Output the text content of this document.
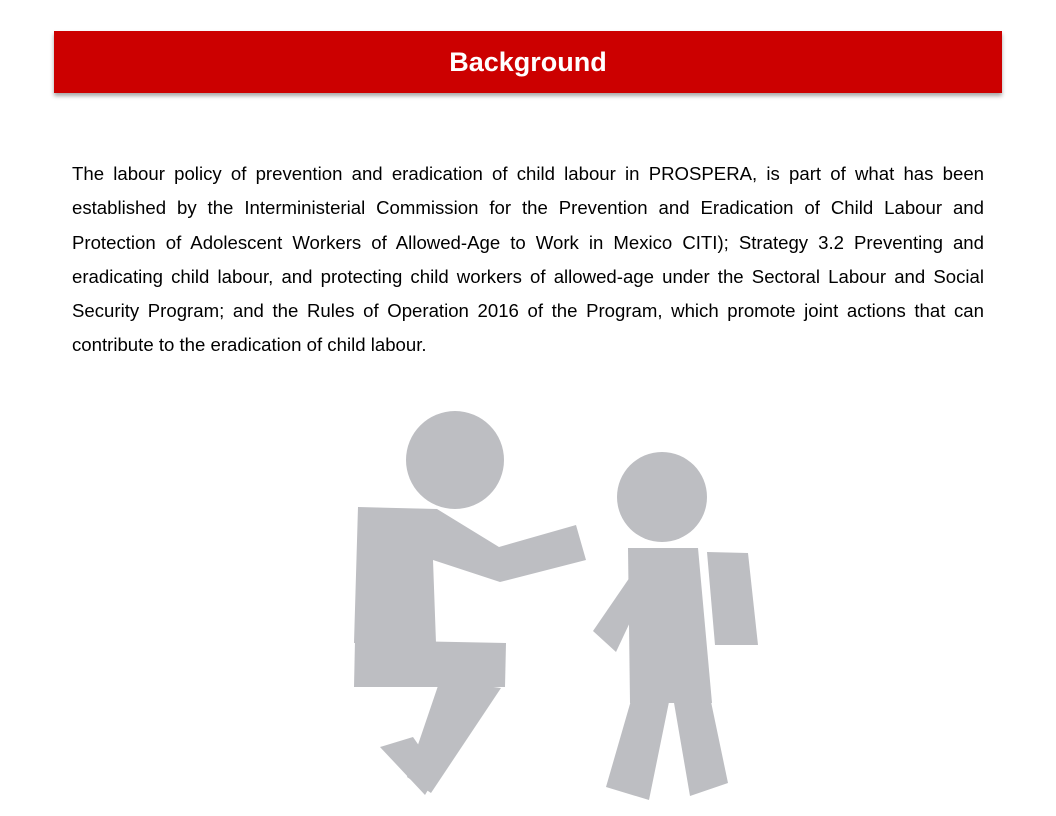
Background

The labour policy of prevention and eradication of child labour in PROSPERA, is part of what has been established by the Interministerial Commission for the Prevention and Eradication of Child Labour and Protection of Adolescent Workers of Allowed-Age to Work in Mexico CITI); Strategy 3.2 Preventing and eradicating child labour, and protecting child workers of allowed-age under the Sectoral Labour and Social Security Program; and the Rules of Operation 2016 of the Program, which promote joint actions that can contribute to the eradication of child labour.
